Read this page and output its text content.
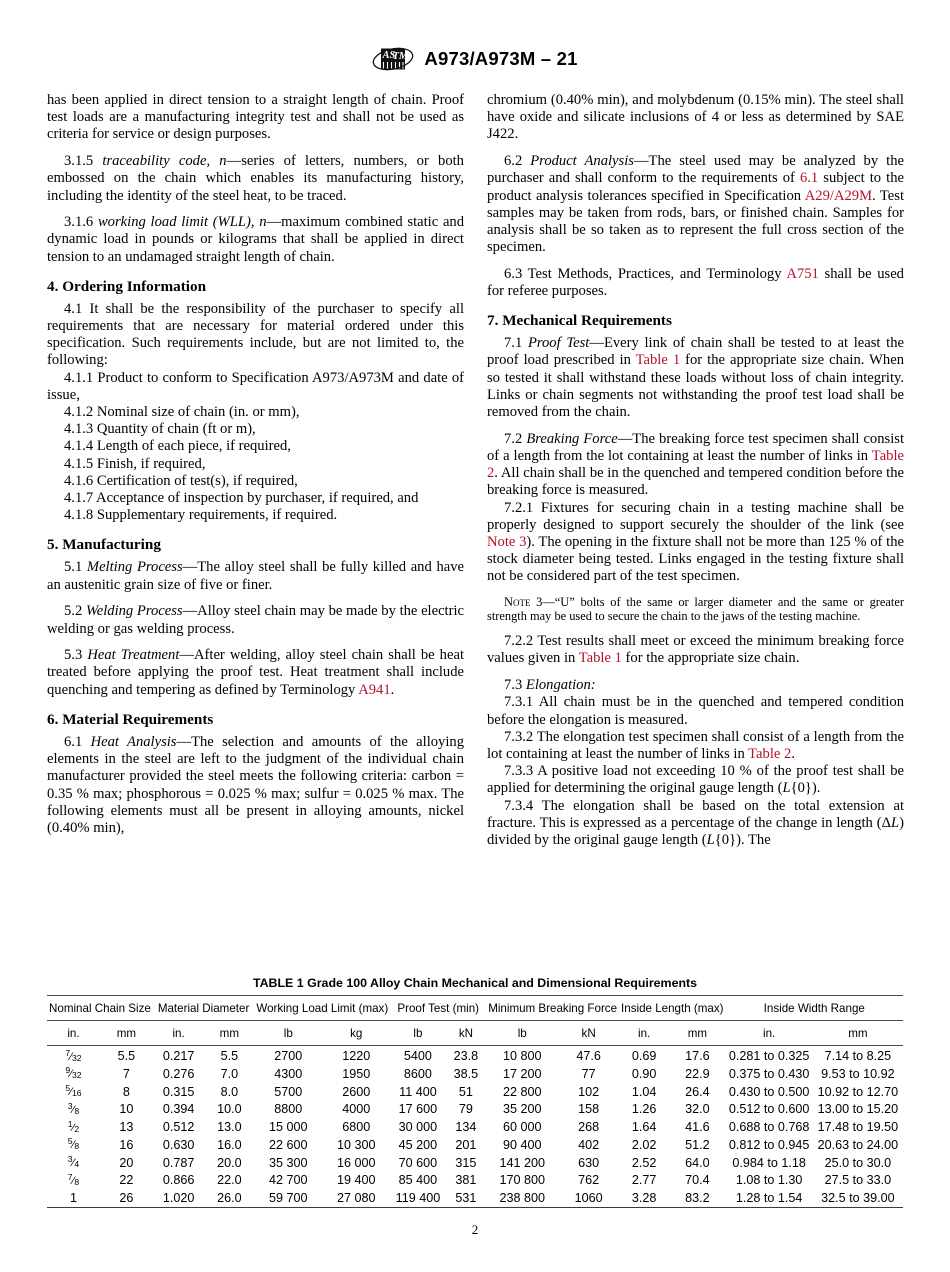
AS
TM A973/A973M – 21

has been applied in direct tension to a straight length of chain. Proof test loads are a manufacturing integrity test and shall not be used as criteria for service or design purposes.

3.1.5 traceability code, n—series of letters, numbers, or both embossed on the chain which enables its manufacturing history, including the identity of the steel heat, to be traced.

3.1.6 working load limit (WLL), n—maximum combined static and dynamic load in pounds or kilograms that shall be applied in direct tension to an undamaged straight length of chain.

4. Ordering Information

4.1 It shall be the responsibility of the purchaser to specify all requirements that are necessary for material ordered under this specification. Such requirements include, but are not limited to, the following:

4.1.1 Product to conform to Specification A973/A973M and date of issue,

4.1.2 Nominal size of chain (in. or mm),

4.1.3 Quantity of chain (ft or m),

4.1.4 Length of each piece, if required,

4.1.5 Finish, if required,

4.1.6 Certification of test(s), if required,

4.1.7 Acceptance of inspection by purchaser, if required, and

4.1.8 Supplementary requirements, if required.

5. Manufacturing

5.1 Melting Process—The alloy steel shall be fully killed and have an austenitic grain size of five or finer.

5.2 Welding Process—Alloy steel chain may be made by the electric welding or gas welding process.

5.3 Heat Treatment—After welding, alloy steel chain shall be heat treated before applying the proof test. Heat treatment shall include quenching and tempering as defined by Terminology A941.

6. Material Requirements

6.1 Heat Analysis—The selection and amounts of the alloying elements in the steel are left to the judgment of the individual chain manufacturer provided the steel meets the following criteria: carbon = 0.35 % max; phosphorous = 0.025 % max; sulfur = 0.025 % max. The following elements must all be present in alloying amounts, nickel (0.40% min),

chromium (0.40% min), and molybdenum (0.15% min). The steel shall have oxide and silicate inclusions of 4 or less as determined by SAE J422.

6.2 Product Analysis—The steel used may be analyzed by the purchaser and shall conform to the requirements of 6.1 subject to the product analysis tolerances specified in Specification A29/A29M. Test samples may be taken from rods, bars, or finished chain. Samples for analysis shall be so taken as to represent the full cross section of the specimen.

6.3 Test Methods, Practices, and Terminology A751 shall be used for referee purposes.

7. Mechanical Requirements

7.1 Proof Test—Every link of chain shall be tested to at least the proof load prescribed in Table 1 for the appropriate size chain. When so tested it shall withstand these loads without loss of chain integrity. Links or chain segments not withstanding the proof test load shall be removed from the chain.

7.2 Breaking Force—The breaking force test specimen shall consist of a length from the lot containing at least the number of links in Table 2. All chain shall be in the quenched and tempered condition before the breaking force is measured.

7.2.1 Fixtures for securing chain in a testing machine shall be properly designed to support securely the shoulder of the link (see Note 3). The opening in the fixture shall not be more than 125 % of the stock diameter being tested. Links engaged in the testing fixture shall not be considered part of the test specimen.

Note 3—“U” bolts of the same or larger diameter and the same or greater strength may be used to secure the chain to the jaws of the testing machine.

7.2.2 Test results shall meet or exceed the minimum breaking force values given in Table 1 for the appropriate size chain.

7.3 Elongation:

7.3.1 All chain must be in the quenched and tempered condition before the elongation is measured.

7.3.2 The elongation test specimen shall consist of a length from the lot containing at least the number of links in Table 2.

7.3.3 A positive load not exceeding 10 % of the proof test shall be applied for determining the original gauge length (L{0}).

7.3.4 The elongation shall be based on the total extension at fracture. This is expressed as a percentage of the change in length (ΔL) divided by the original gauge length (L{0}). The

TABLE 1 Grade 100 Alloy Chain Mechanical and Dimensional Requirements

Nominal Chain Size		Material Diameter		Working Load Limit (max)		Proof Test (min)		Minimum Breaking Force		Inside Length (max)		Inside Width Range	

in.	mm	in.	mm	lb	kg	lb	kN	lb	kN	in.	mm	in.	mm

$^7⁄_{32}$	5.5	0.217	5.5	2700	1220	5400	23.8	10 800	47.6	0.69	17.6	0.281 to 0.325	7.14 to 8.25
$^9⁄_{32}$	7	0.276	7.0	4300	1950	8600	38.5	17 200	77	0.90	22.9	0.375 to 0.430	9.53 to 10.92
$^5⁄_{16}$	8	0.315	8.0	5700	2600	11 400	51	22 800	102	1.04	26.4	0.430 to 0.500	10.92 to 12.70
$^3⁄_8$	10	0.394	10.0	8800	4000	17 600	79	35 200	158	1.26	32.0	0.512 to 0.600	13.00 to 15.20
$^1⁄_2$	13	0.512	13.0	15 000	6800	30 000	134	60 000	268	1.64	41.6	0.688 to 0.768	17.48 to 19.50
$^5⁄_8$	16	0.630	16.0	22 600	10 300	45 200	201	90 400	402	2.02	51.2	0.812 to 0.945	20.63 to 24.00
$^3⁄_4$	20	0.787	20.0	35 300	16 000	70 600	315	141 200	630	2.52	64.0	0.984 to 1.18	25.0 to 30.0
$^7⁄_8$	22	0.866	22.0	42 700	19 400	85 400	381	170 800	762	2.77	70.4	1.08 to 1.30	27.5 to 33.0
1	26	1.020	26.0	59 700	27 080	119 400	531	238 800	1060	3.28	83.2	1.28 to 1.54	32.5 to 39.00

2
